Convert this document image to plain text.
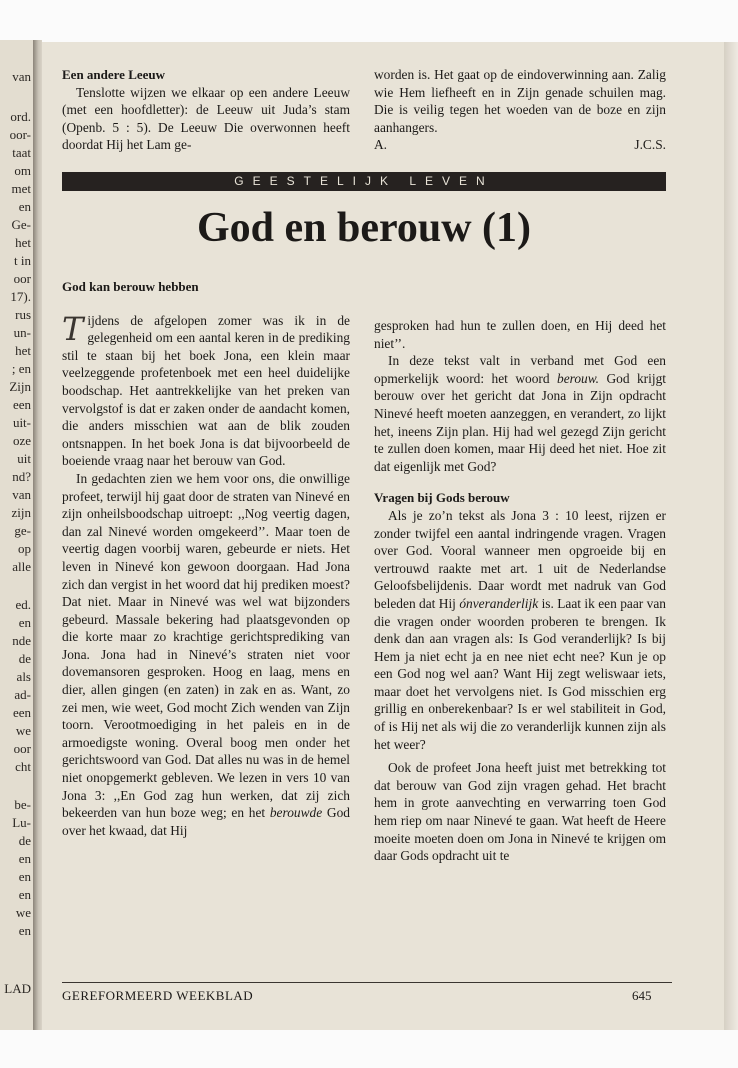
van
ord.
oor-
taat
om
met
en
Ge-
het
t in
oor
17).
rus
un-
het
; en
Zijn
een
uit-
oze
uit
nd?
van
zijn
ge-
op
alle
ed.
en
nde
de
als
ad-
een
we
oor
cht
be-
Lu-
de
en
en
en
we
en
LAD

Een andere Leeuw

Tenslotte wijzen we elkaar op een andere Leeuw (met een hoofdletter): de Leeuw uit Juda’s stam (Openb. 5 : 5). De Leeuw Die overwonnen heeft doordat Hij het Lam ge-

worden is. Het gaat op de eindoverwinning aan. Zalig wie Hem liefheeft en in Zijn genade schuilen mag. Die is veilig tegen het woeden van de boze en zijn aanhangers.

A.	J.C.S.
GEESTELIJK LEVEN
God en berouw (1)

God kan berouw hebben

Tijdens de afgelopen zomer was ik in de gelegenheid om een aantal keren in de prediking stil te staan bij het boek Jona, een klein maar veelzeggende profetenboek met een heel duidelijke boodschap. Het aantrekkelijke van het preken van vervolgstof is dat er zaken onder de aandacht komen, die anders misschien wat aan de blik zouden ontsnappen. In het boek Jona is dat bijvoorbeeld de boeiende vraag naar het berouw van God.

In gedachten zien we hem voor ons, die onwillige profeet, terwijl hij gaat door de straten van Ninevé en zijn onheilsboodschap uitroept: ,,Nog veertig dagen, dan zal Ninevé worden omgekeerd’’. Maar toen de veertig dagen voorbij waren, gebeurde er niets. Het leven in Ninevé kon gewoon doorgaan. Had Jona zich dan vergist in het woord dat hij prediken moest? Dat niet. Maar in Ninevé was wel wat bijzonders gebeurd. Massale bekering had plaatsgevonden op die korte maar zo krachtige gerichtsprediking van Jona. Jona had in Ninevé’s straten niet voor dovemansoren gesproken. Hoog en laag, mens en dier, allen gingen (en zaten) in zak en as. Want, zo zei men, wie weet, God mocht Zich wenden van Zijn toorn. Verootmoediging in het paleis en in de armoedigste woning. Overal boog men onder het gerichtswoord van God. Dat alles nu was in de hemel niet onopgemerkt gebleven. We lezen in vers 10 van Jona 3: ,,En God zag hun werken, dat zij zich bekeerden van hun boze weg; en het berouwde God over het kwaad, dat Hij

gesproken had hun te zullen doen, en Hij deed het niet’’.

In deze tekst valt in verband met God een opmerkelijk woord: het woord berouw. God krijgt berouw over het gericht dat Jona in Zijn opdracht Ninevé heeft moeten aanzeggen, en verandert, zo lijkt het, ineens Zijn plan. Hij had wel gezegd Zijn gericht te zullen doen komen, maar Hij deed het niet. Hoe zit dat eigenlijk met God?

Vragen bij Gods berouw

Als je zo’n tekst als Jona 3 : 10 leest, rijzen er zonder twijfel een aantal indringende vragen. Vragen over God. Vooral wanneer men opgroeide bij en vertrouwd raakte met art. 1 uit de Nederlandse Geloofsbelijdenis. Daar wordt met nadruk van God beleden dat Hij ónveranderlijk is. Laat ik een paar van die vragen onder woorden proberen te brengen. Ik denk dan aan vragen als: Is God veranderlijk? Is bij Hem ja niet echt ja en nee niet echt nee? Kun je op een God nog wel aan? Want Hij zegt weliswaar iets, maar doet het vervolgens niet. Is God misschien erg grillig en onberekenbaar? Is er wel stabiliteit in God, of is Hij net als wij die zo veranderlijk kunnen zijn als het weer?

Ook de profeet Jona heeft juist met betrekking tot dat berouw van God zijn vragen gehad. Het bracht hem in grote aanvechting en verwarring toen God hem riep om naar Ninevé te gaan. Wat heeft de Heere moeite moeten doen om Jona in Ninevé te krijgen om daar Gods opdracht uit te

GEREFORMEERD WEEKBLAD	645
